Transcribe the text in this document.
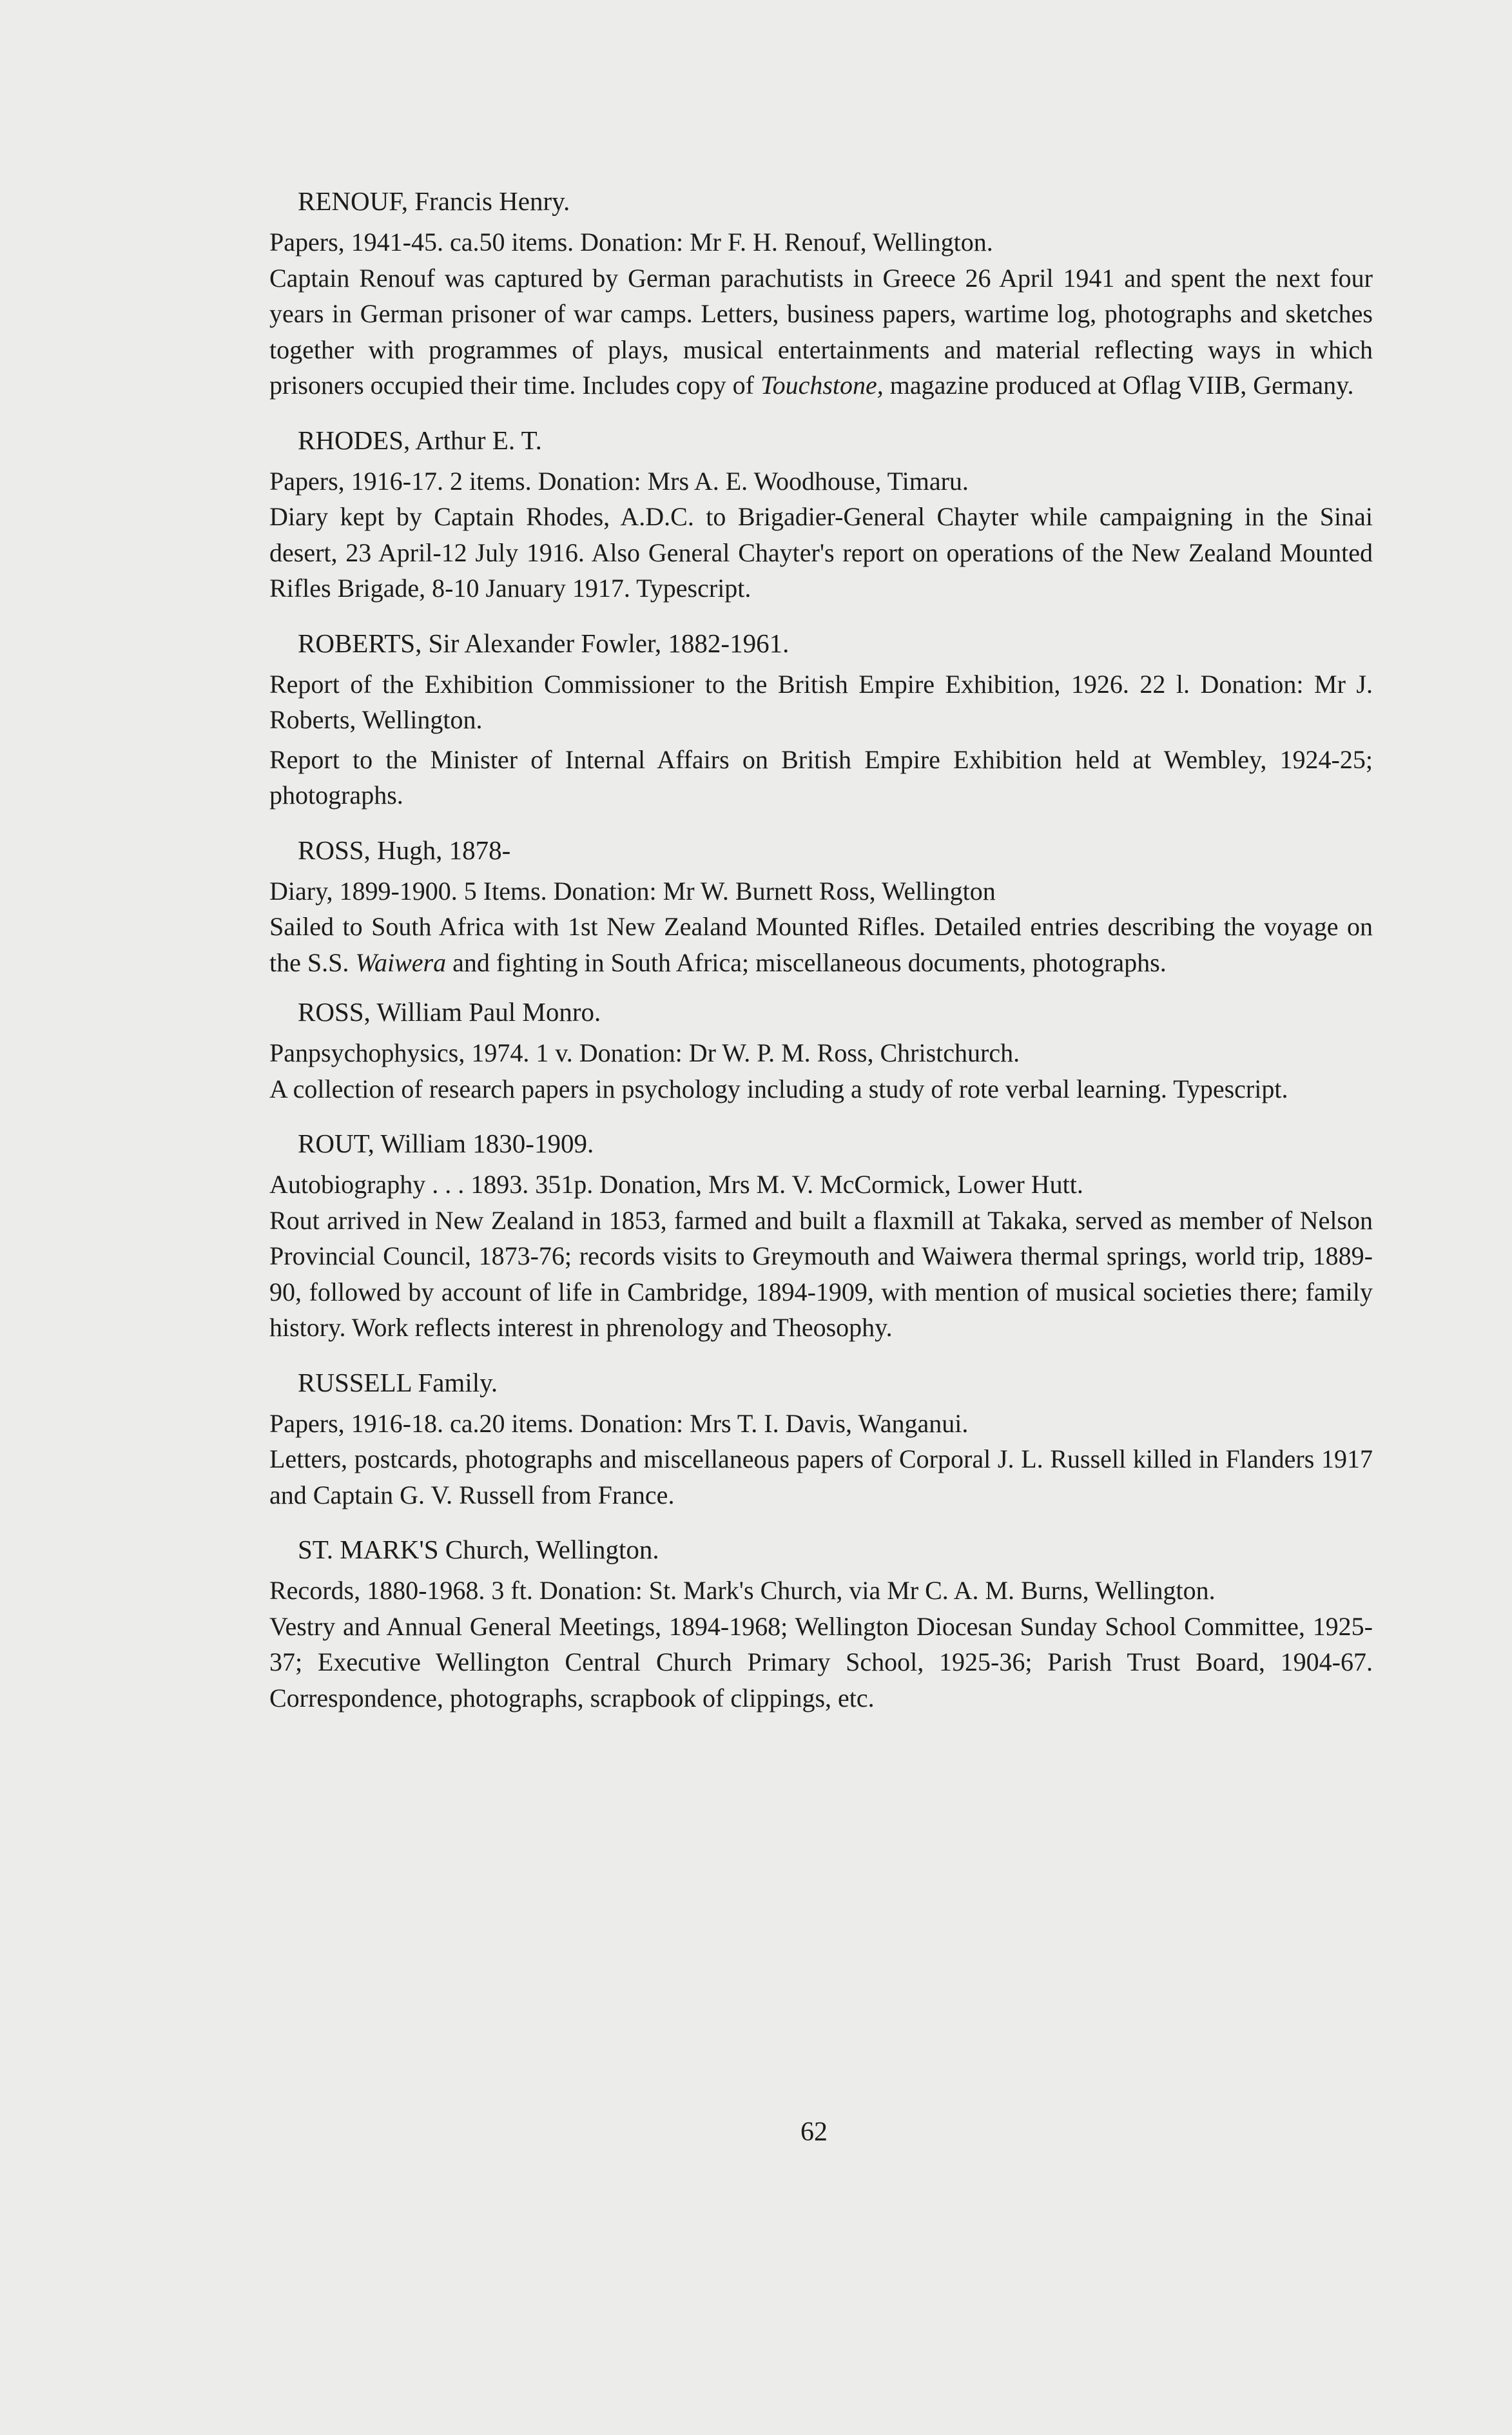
RENOUF, Francis Henry.

Papers, 1941-45. ca.50 items. Donation: Mr F. H. Renouf, Wellington.

Captain Renouf was captured by German parachutists in Greece 26 April 1941 and spent the next four years in German prisoner of war camps. Letters, business papers, wartime log, photographs and sketches together with programmes of plays, musical entertainments and material reflecting ways in which prisoners occupied their time. Includes copy of Touchstone, magazine produced at Oflag VIIB, Germany.

RHODES, Arthur E. T.

Papers, 1916-17. 2 items. Donation: Mrs A. E. Woodhouse, Timaru.

Diary kept by Captain Rhodes, A.D.C. to Brigadier-General Chayter while campaigning in the Sinai desert, 23 April-12 July 1916. Also General Chayter's report on operations of the New Zealand Mounted Rifles Brigade, 8-10 January 1917. Typescript.

ROBERTS, Sir Alexander Fowler, 1882-1961.

Report of the Exhibition Commissioner to the British Empire Exhibition, 1926. 22 l. Donation: Mr J. Roberts, Wellington.

Report to the Minister of Internal Affairs on British Empire Exhibition held at Wembley, 1924-25; photographs.

ROSS, Hugh, 1878-

Diary, 1899-1900. 5 Items. Donation: Mr W. Burnett Ross, Wellington

Sailed to South Africa with 1st New Zealand Mounted Rifles. Detailed entries describing the voyage on the S.S. Waiwera and fighting in South Africa; miscellaneous documents, photographs.

ROSS, William Paul Monro.

Panpsychophysics, 1974. 1 v. Donation: Dr W. P. M. Ross, Christchurch.

A collection of research papers in psychology including a study of rote verbal learning. Typescript.

ROUT, William 1830-1909.

Autobiography . . . 1893. 351p. Donation, Mrs M. V. McCormick, Lower Hutt.

Rout arrived in New Zealand in 1853, farmed and built a flaxmill at Takaka, served as member of Nelson Provincial Council, 1873-76; records visits to Greymouth and Waiwera thermal springs, world trip, 1889-90, followed by account of life in Cambridge, 1894-1909, with mention of musical societies there; family history. Work reflects interest in phrenology and Theosophy.

RUSSELL Family.

Papers, 1916-18. ca.20 items. Donation: Mrs T. I. Davis, Wanganui.

Letters, postcards, photographs and miscellaneous papers of Corporal J. L. Russell killed in Flanders 1917 and Captain G. V. Russell from France.

ST. MARK'S Church, Wellington.

Records, 1880-1968. 3 ft. Donation: St. Mark's Church, via Mr C. A. M. Burns, Wellington.

Vestry and Annual General Meetings, 1894-1968; Wellington Diocesan Sunday School Committee, 1925-37; Executive Wellington Central Church Primary School, 1925-36; Parish Trust Board, 1904-67. Correspondence, photographs, scrapbook of clippings, etc.

62
